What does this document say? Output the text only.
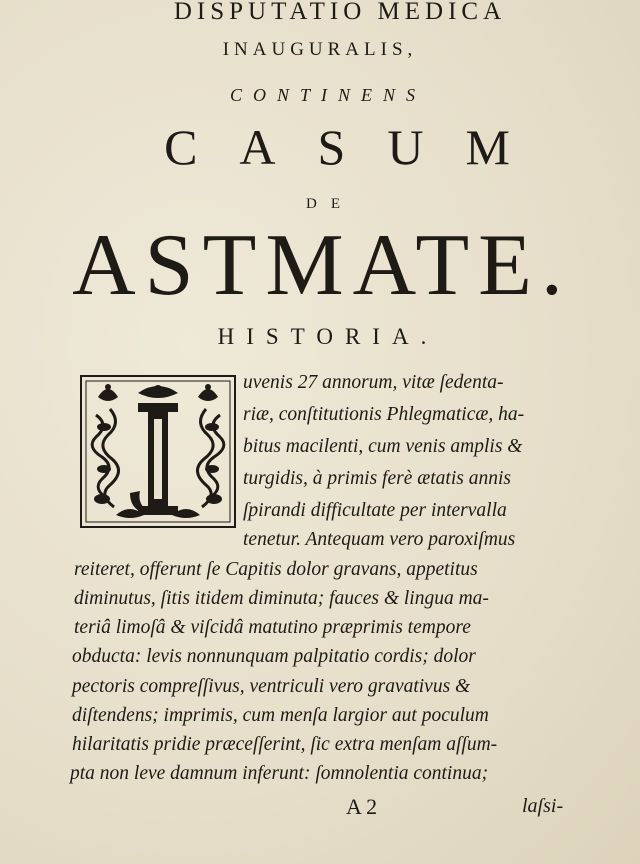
DISPUTATIO MEDICA
INAUGURALIS,
CONTINENS
CASUM
DE
ASTMATE.
HISTORIA.
uvenis 27 annorum, vitæ ſedenta-
riæ, conſtitutionis Phlegmaticæ, ha-
bitus macilenti, cum venis amplis &
turgidis, à primis ferè ætatis annis
ſpirandi difficultate per intervalla
tenetur. Antequam vero paroxiſmus
reiteret, offerunt ſe Capitis dolor gravans, appetitus
diminutus, ſitis itidem diminuta; fauces & lingua ma-
teriâ limoſâ & viſcidâ matutino præprimis tempore
obducta: levis nonnunquam palpitatio cordis; dolor
pectoris compreſſivus, ventriculi vero gravativus &
diſtendens; imprimis, cum menſa largior aut poculum
hilaritatis pridie præceſſerint, ſic extra menſam aſſum-
pta non leve damnum inferunt: ſomnolentia continua;
A 2	laſsi-
